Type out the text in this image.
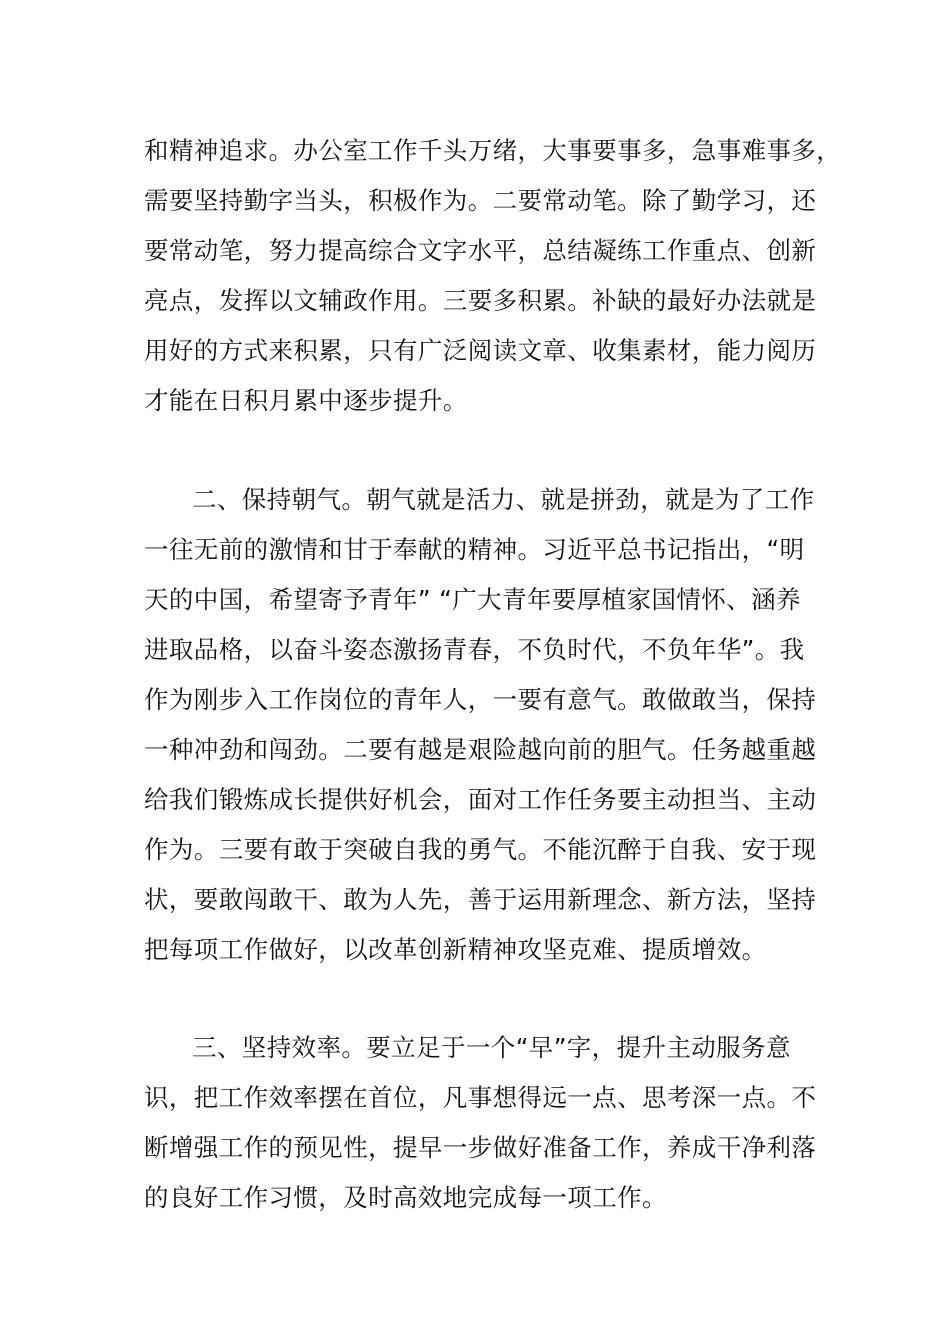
和精神追求。办公室工作千头万绪，大事要事多，急事难事多，
需要坚持勤字当头，积极作为。二要常动笔。除了勤学习，还
要常动笔，努力提高综合文字水平，总结凝练工作重点、创新
亮点，发挥以文辅政作用。三要多积累。补缺的最好办法就是
用好的方式来积累，只有广泛阅读文章、收集素材，能力阅历
才能在日积月累中逐步提升。
二、保持朝气。朝气就是活力、就是拼劲，就是为了工作
一往无前的激情和甘于奉献的精神。习近平总书记指出，“明
天的中国，希望寄予青年” “广大青年要厚植家国情怀、涵养
进取品格，以奋斗姿态激扬青春，不负时代，不负年华”。我
作为刚步入工作岗位的青年人，一要有意气。敢做敢当，保持
一种冲劲和闯劲。二要有越是艰险越向前的胆气。任务越重越
给我们锻炼成长提供好机会，面对工作任务要主动担当、主动
作为。三要有敢于突破自我的勇气。不能沉醉于自我、安于现
状，要敢闯敢干、敢为人先，善于运用新理念、新方法，坚持
把每项工作做好，以改革创新精神攻坚克难、提质增效。
三、坚持效率。要立足于一个“早”字，提升主动服务意
识，把工作效率摆在首位，凡事想得远一点、思考深一点。不
断增强工作的预见性，提早一步做好准备工作，养成干净利落
的良好工作习惯，及时高效地完成每一项工作。
